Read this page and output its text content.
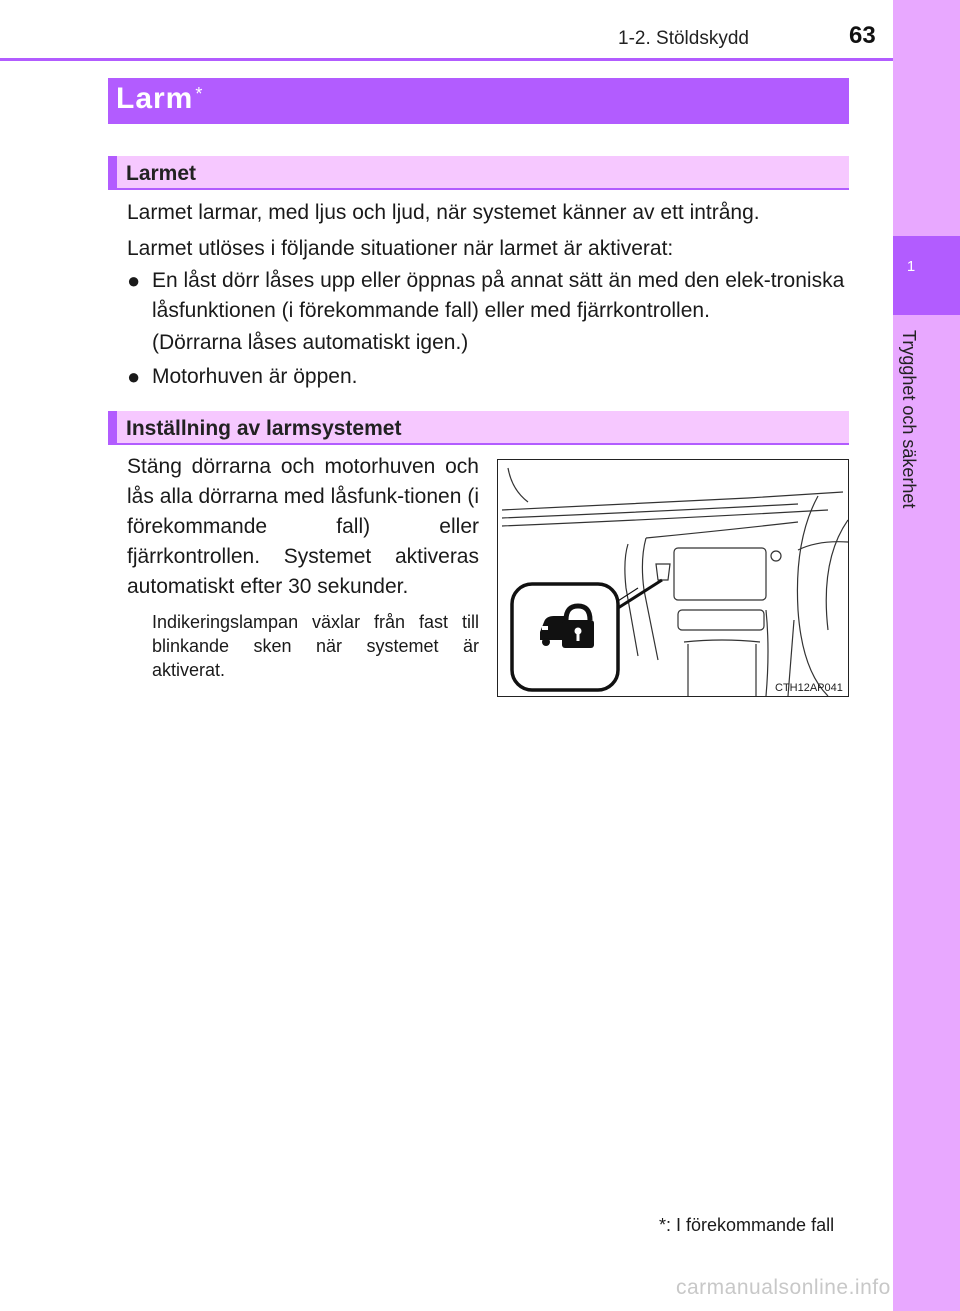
1-2. Stöldskydd	63
1
Trygghet och säkerhet
Larm *
Larmet
Larmet larmar, med ljus och ljud, när systemet känner av ett intrång.
Larmet utlöses i följande situationer när larmet är aktiverat:
● En låst dörr låses upp eller öppnas på annat sätt än med den elek-troniska låsfunktionen (i förekommande fall) eller med fjärrkontrollen.
(Dörrarna låses automatiskt igen.)
● Motorhuven är öppen.
Inställning av larmsystemet
Stäng dörrarna och motorhuven och lås alla dörrarna med låsfunk-tionen (i förekommande fall) eller fjärrkontrollen. Systemet aktiveras automatiskt efter 30 sekunder.
Indikeringslampan växlar från fast till blinkande sken när systemet är aktiverat.
CTH12AP041
*: I förekommande fall
carmanualsonline.info
